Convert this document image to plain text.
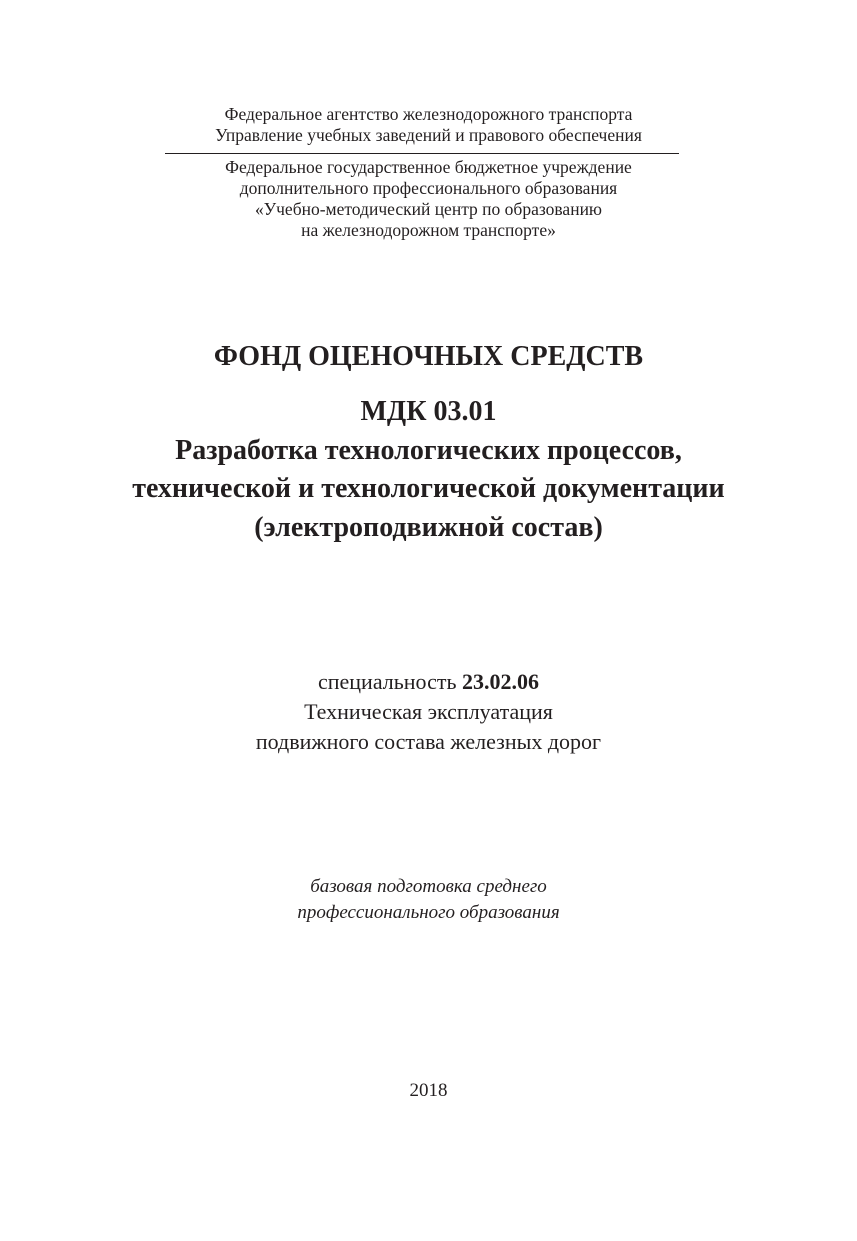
Федеральное агентство железнодорожного транспорта
Управление учебных заведений и правового обеспечения
Федеральное государственное бюджетное учреждение
дополнительного профессионального образования
«Учебно-методический центр по образованию
на железнодорожном транспорте»
ФОНД ОЦЕНОЧНЫХ СРЕДСТВ
МДК 03.01
Разработка технологических процессов,
технической и технологической документации
(электроподвижной состав)
специальность 23.02.06
Техническая эксплуатация
подвижного состава железных дорог
базовая подготовка среднего
профессионального образования
2018
